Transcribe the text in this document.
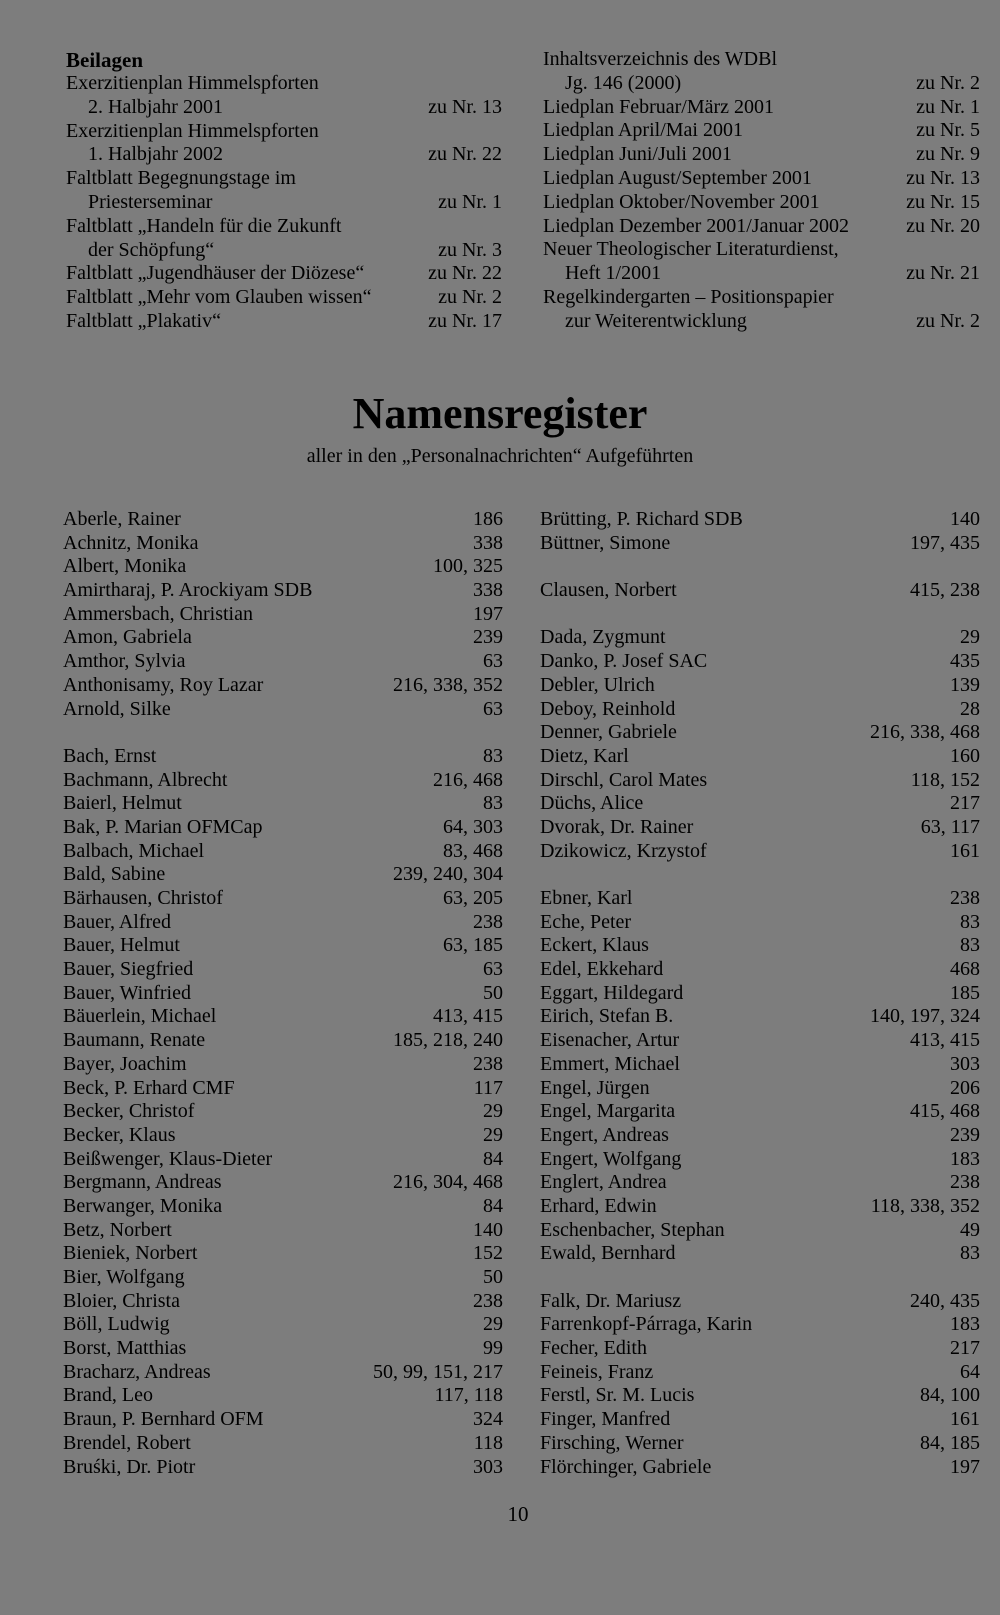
Beilagen
Exerzitienplan Himmelspforten
2. Halbjahr 2001	zu Nr. 13
Exerzitienplan Himmelspforten
1. Halbjahr 2002	zu Nr. 22
Faltblatt Begegnungstage im
Priesterseminar	zu Nr. 1
Faltblatt „Handeln für die Zukunft
der Schöpfung“	zu Nr. 3
Faltblatt „Jugendhäuser der Diözese“	zu Nr. 22
Faltblatt „Mehr vom Glauben wissen“	zu Nr. 2
Faltblatt „Plakativ“	zu Nr. 17
Inhaltsverzeichnis des WDBl
Jg. 146 (2000)	zu Nr. 2
Liedplan Februar/März 2001	zu Nr. 1
Liedplan April/Mai 2001	zu Nr. 5
Liedplan Juni/Juli 2001	zu Nr. 9
Liedplan August/September 2001	zu Nr. 13
Liedplan Oktober/November 2001	zu Nr. 15
Liedplan Dezember 2001/Januar 2002	zu Nr. 20
Neuer Theologischer Literaturdienst,
Heft 1/2001	zu Nr. 21
Regelkindergarten – Positionspapier
zur Weiterentwicklung	zu Nr. 2
Namensregister
aller in den „Personalnachrichten“ Aufgeführten
Aberle, Rainer	186
Achnitz, Monika	338
Albert, Monika	100, 325
Amirtharaj, P. Arockiyam SDB	338
Ammersbach, Christian	197
Amon, Gabriela	239
Amthor, Sylvia	63
Anthonisamy, Roy Lazar	216, 338, 352
Arnold, Silke	63
Bach, Ernst	83
Bachmann, Albrecht	216, 468
Baierl, Helmut	83
Bak, P. Marian OFMCap	64, 303
Balbach, Michael	83, 468
Bald, Sabine	239, 240, 304
Bärhausen, Christof	63, 205
Bauer, Alfred	238
Bauer, Helmut	63, 185
Bauer, Siegfried	63
Bauer, Winfried	50
Bäuerlein, Michael	413, 415
Baumann, Renate	185, 218, 240
Bayer, Joachim	238
Beck, P. Erhard CMF	117
Becker, Christof	29
Becker, Klaus	29
Beißwenger, Klaus-Dieter	84
Bergmann, Andreas	216, 304, 468
Berwanger, Monika	84
Betz, Norbert	140
Bieniek, Norbert	152
Bier, Wolfgang	50
Bloier, Christa	238
Böll, Ludwig	29
Borst, Matthias	99
Bracharz, Andreas	50, 99, 151, 217
Brand, Leo	117, 118
Braun, P. Bernhard OFM	324
Brendel, Robert	118
Bruśki, Dr. Piotr	303
Brütting, P. Richard SDB	140
Büttner, Simone	197, 435
Clausen, Norbert	415, 238
Dada, Zygmunt	29
Danko, P. Josef SAC	435
Debler, Ulrich	139
Deboy, Reinhold	28
Denner, Gabriele	216, 338, 468
Dietz, Karl	160
Dirschl, Carol Mates	118, 152
Düchs, Alice	217
Dvorak, Dr. Rainer	63, 117
Dzikowicz, Krzystof	161
Ebner, Karl	238
Eche, Peter	83
Eckert, Klaus	83
Edel, Ekkehard	468
Eggart, Hildegard	185
Eirich, Stefan B.	140, 197, 324
Eisenacher, Artur	413, 415
Emmert, Michael	303
Engel, Jürgen	206
Engel, Margarita	415, 468
Engert, Andreas	239
Engert, Wolfgang	183
Englert, Andrea	238
Erhard, Edwin	118, 338, 352
Eschenbacher, Stephan	49
Ewald, Bernhard	83
Falk, Dr. Mariusz	240, 435
Farrenkopf-Párraga, Karin	183
Fecher, Edith	217
Feineis, Franz	64
Ferstl, Sr. M. Lucis	84, 100
Finger, Manfred	161
Firsching, Werner	84, 185
Flörchinger, Gabriele	197
10
